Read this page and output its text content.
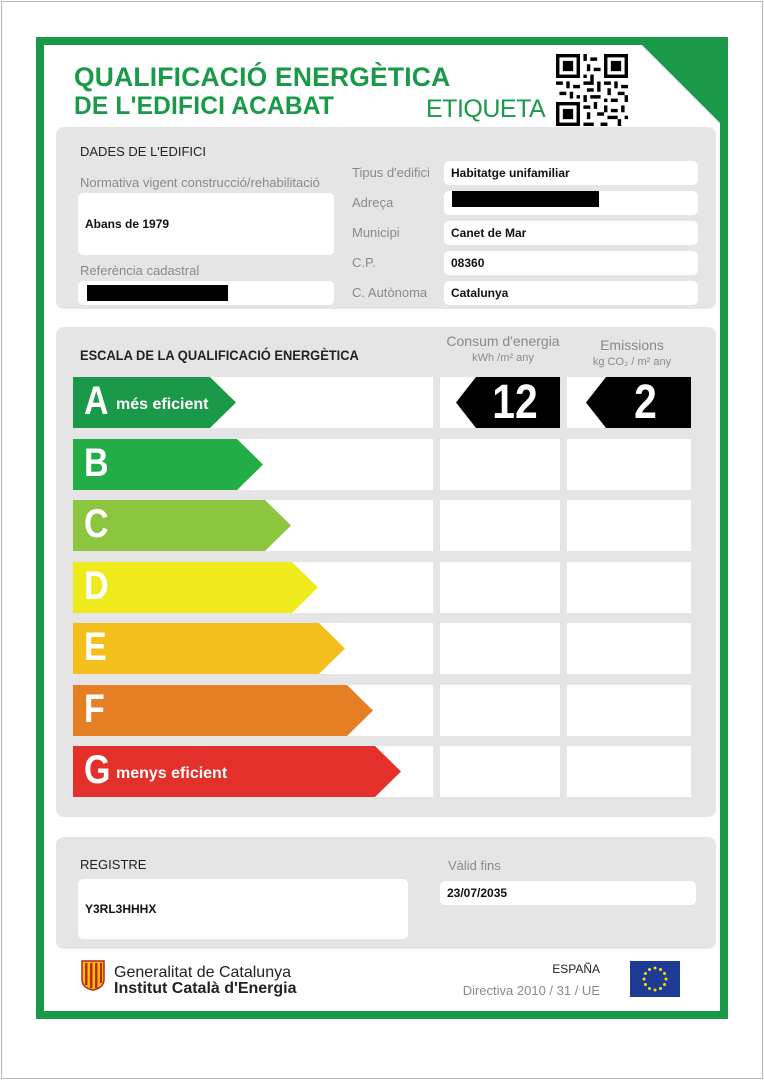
QUALIFICACIÓ ENERGÈTICA
DE L'EDIFICI ACABAT	ETIQUETA
DADES DE L'EDIFICI
Normativa vigent construcció/rehabilitació
Abans de 1979
Referència cadastral
Tipus d'edifici	Habitatge unifamiliar
Adreça
Municipi	Canet de Mar
C.P.	08360
C. Autònoma	Catalunya
ESCALA DE LA QUALIFICACIÓ ENERGÈTICA
Consum d'energia
kWh /m² any
Emissions
kg CO₂ / m² any
A més eficient	12	2
B
C
D
E
F
G menys eficient
REGISTRE
Y3RL3HHHX
Vàlid fins
23/07/2035
Generalitat de Catalunya
Institut Català d'Energia
ESPAÑA
Directiva 2010 / 31 / UE
